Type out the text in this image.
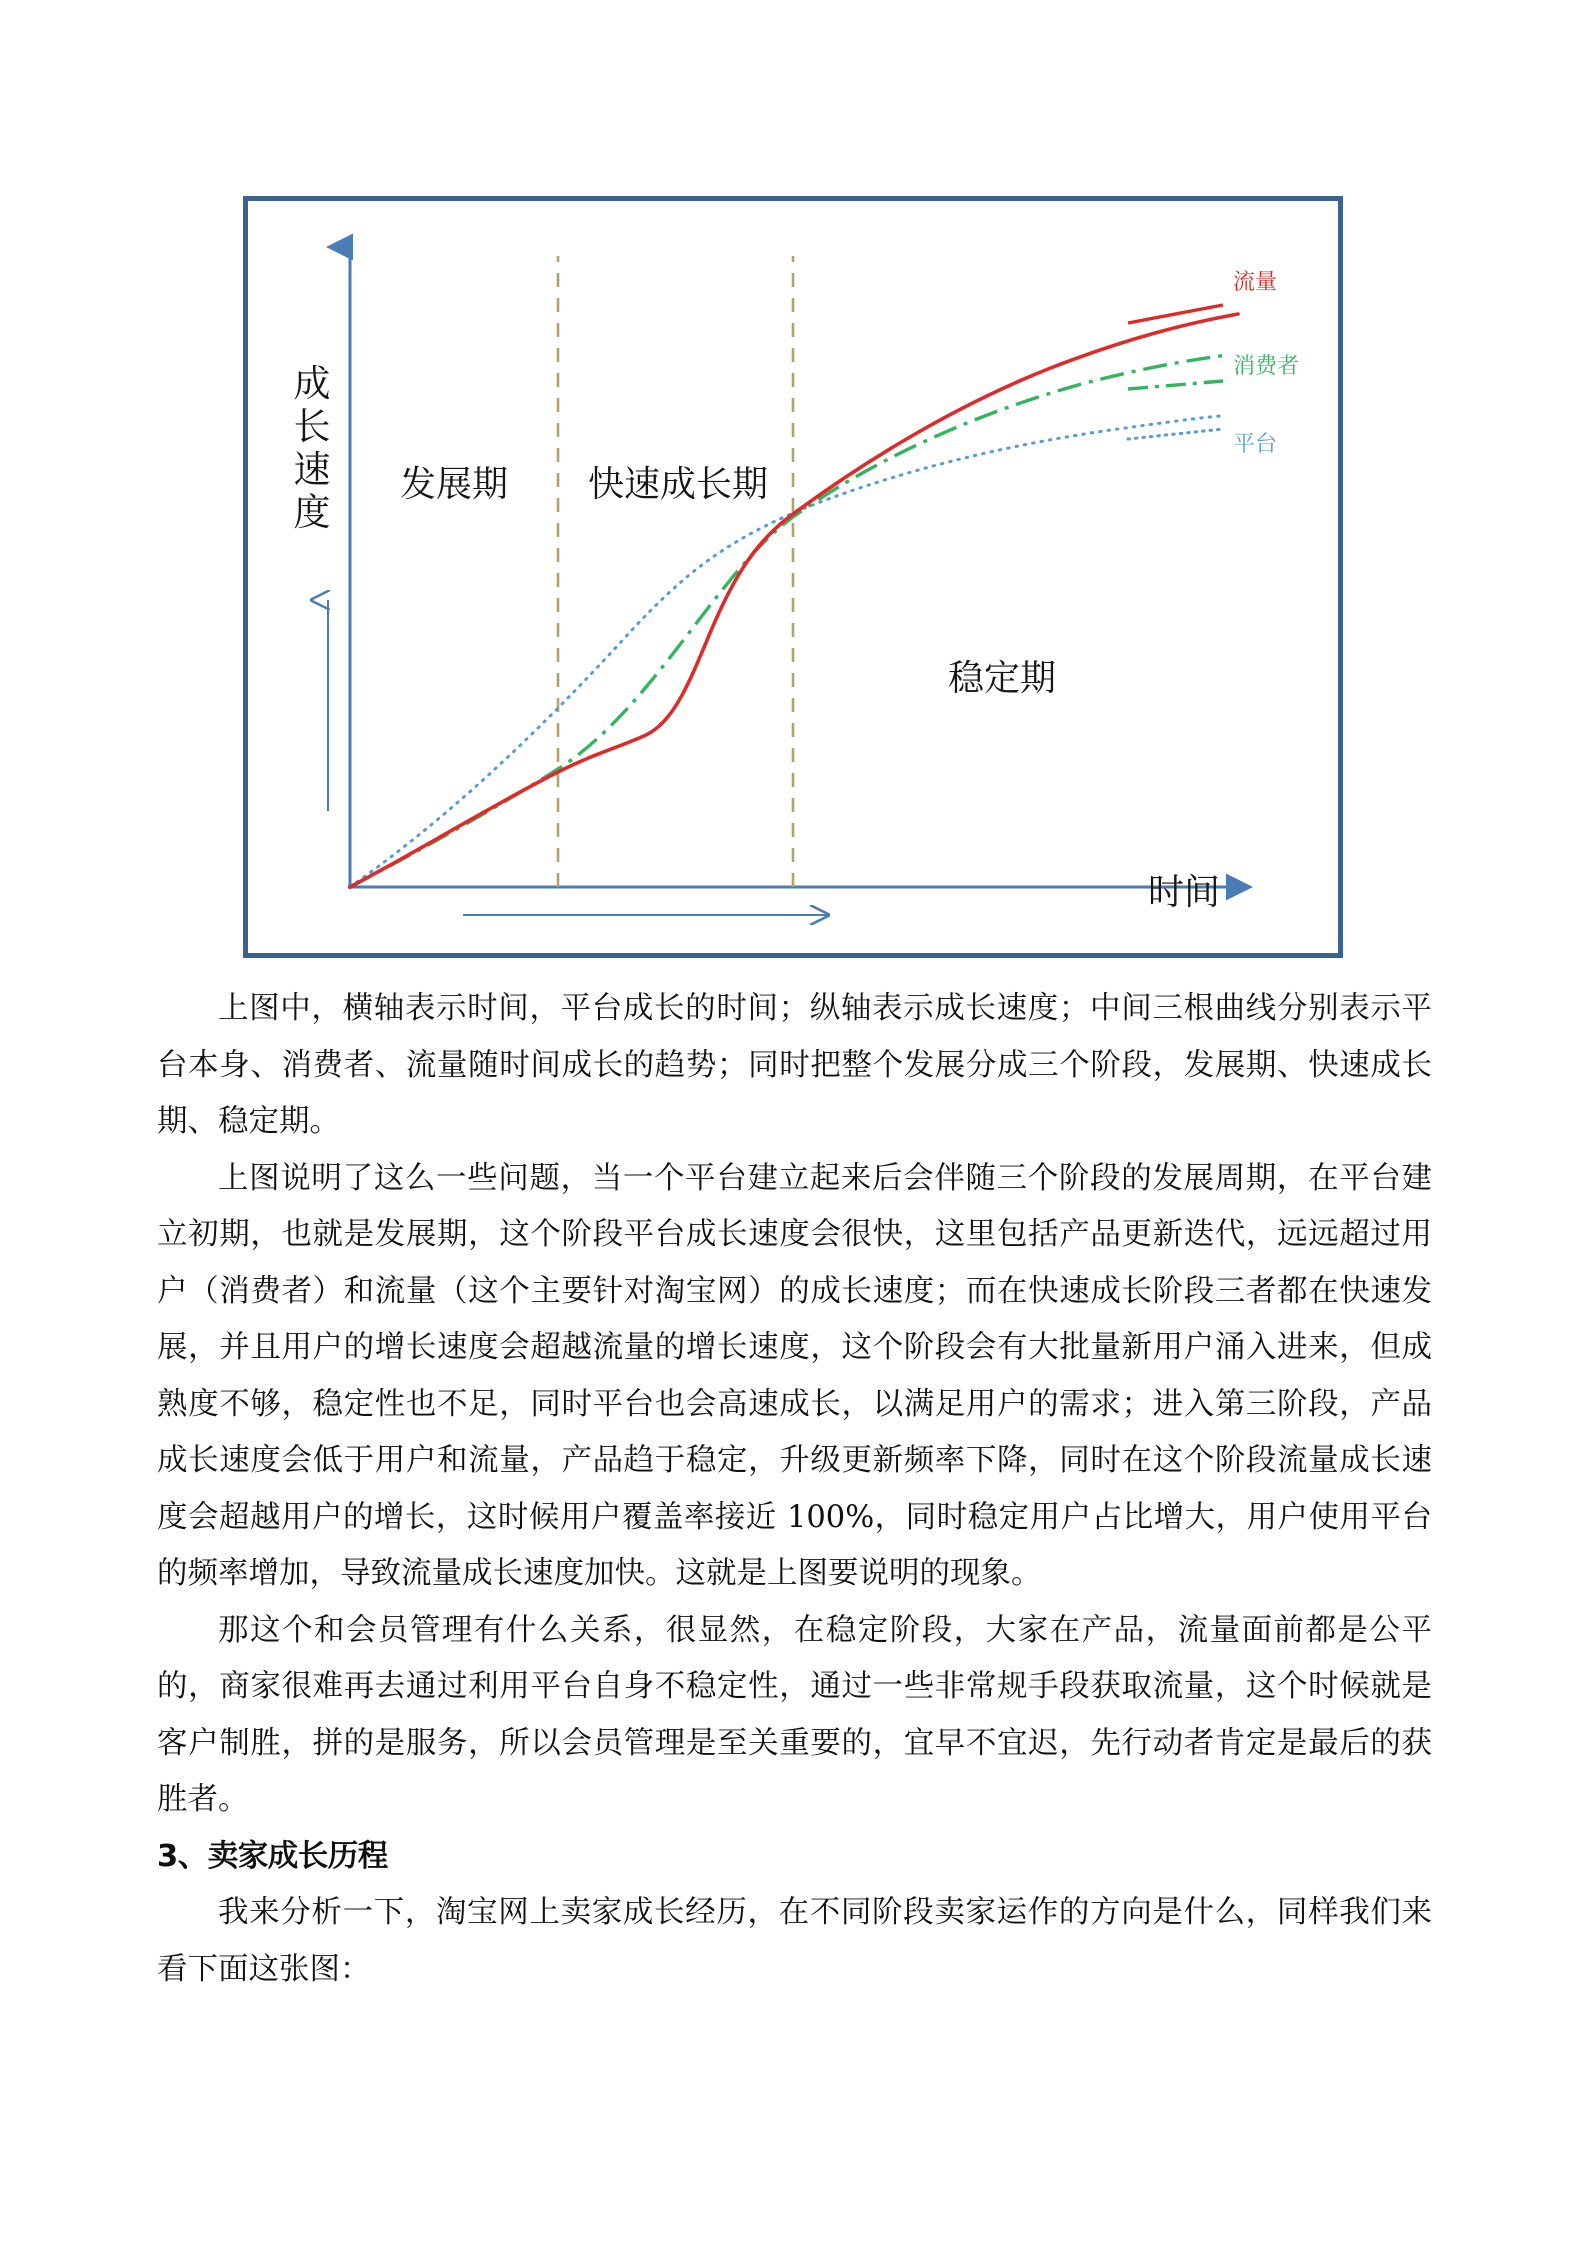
成
长
速
度
发展期 快速成长期
稳定期
时间
流量
消费者
平台

上图中，横轴表示时间，平台成长的时间；纵轴表示成长速度；中间三根曲线分别表示平台本身、消费者、流量随时间成长的趋势；同时把整个发展分成三个阶段，发展期、快速成长期、稳定期。

上图说明了这么一些问题，当一个平台建立起来后会伴随三个阶段的发展周期，在平台建立初期，也就是发展期，这个阶段平台成长速度会很快，这里包括产品更新迭代，远远超过用户（消费者）和流量（这个主要针对淘宝网）的成长速度；而在快速成长阶段三者都在快速发展，并且用户的增长速度会超越流量的增长速度，这个阶段会有大批量新用户涌入进来，但成熟度不够，稳定性也不足，同时平台也会高速成长，以满足用户的需求；进入第三阶段，产品成长速度会低于用户和流量，产品趋于稳定，升级更新频率下降，同时在这个阶段流量成长速度会超越用户的增长，这时候用户覆盖率接近 100%，同时稳定用户占比增大，用户使用平台的频率增加，导致流量成长速度加快。这就是上图要说明的现象。

那这个和会员管理有什么关系，很显然，在稳定阶段，大家在产品，流量面前都是公平的，商家很难再去通过利用平台自身不稳定性，通过一些非常规手段获取流量，这个时候就是客户制胜，拼的是服务，所以会员管理是至关重要的，宜早不宜迟，先行动者肯定是最后的获胜者。

3、卖家成长历程

我来分析一下，淘宝网上卖家成长经历，在不同阶段卖家运作的方向是什么，同样我们来看下面这张图：
